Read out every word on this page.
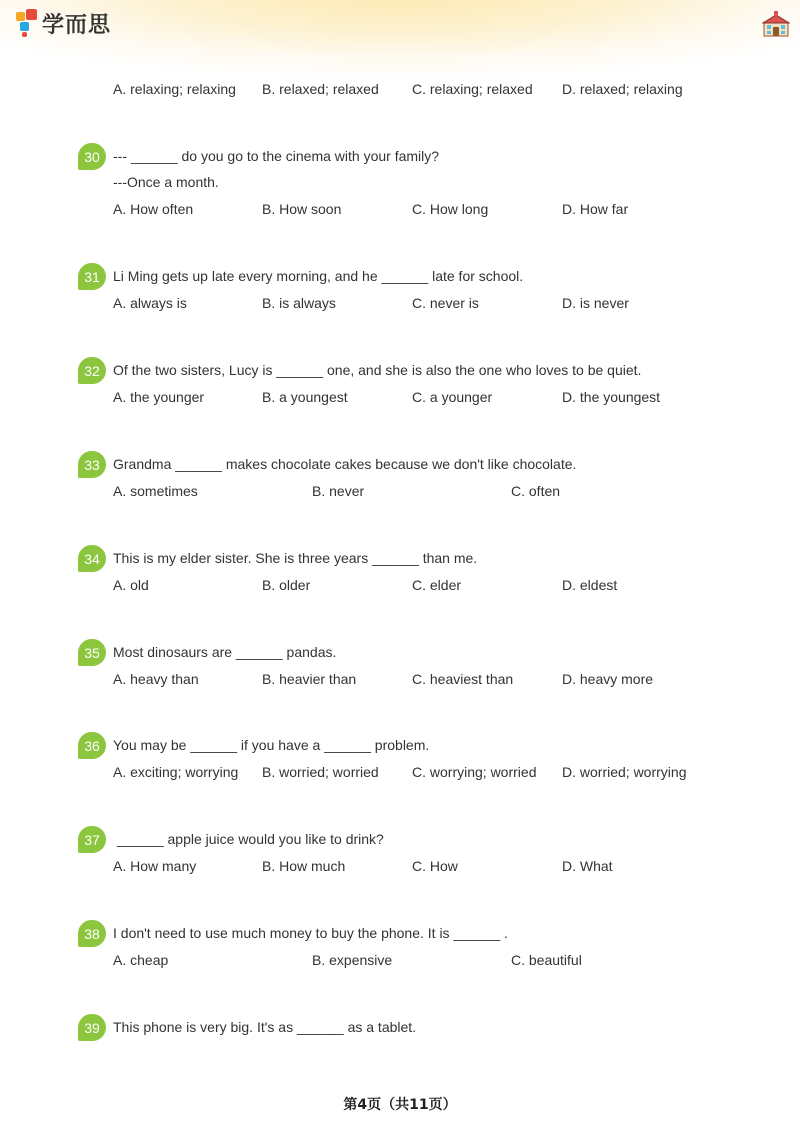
学而思
A. relaxing; relaxing B. relaxed; relaxed C. relaxing; relaxed D. relaxed; relaxing
30 --- ______ do you go to the cinema with your family?
---Once a month.
A. How often	B. How soon	C. How long	D. How far
31 Li Ming gets up late every morning, and he ______ late for school.
A. always is	B. is always	C. never is	D. is never
32 Of the two sisters, Lucy is ______ one, and she is also the one who loves to be quiet.
A. the younger	B. a youngest	C. a younger	D. the youngest
33 Grandma ______ makes chocolate cakes because we don't like chocolate.
A. sometimes	B. never	C. often
34 This is my elder sister. She is three years ______ than me.
A. old	B. older	C. elder	D. eldest
35 Most dinosaurs are ______ pandas.
A. heavy than	B. heavier than	C. heaviest than	D. heavy more
36 You may be ______ if you have a ______ problem.
A. exciting; worrying B. worried; worried C. worrying; worried D. worried; worrying
37 ______ apple juice would you like to drink?
A. How many	B. How much	C. How	D. What
38 I don't need to use much money to buy the phone. It is ______ .
A. cheap	B. expensive	C. beautiful
39 This phone is very big. It's as ______ as a tablet.
第4页（共11页）
